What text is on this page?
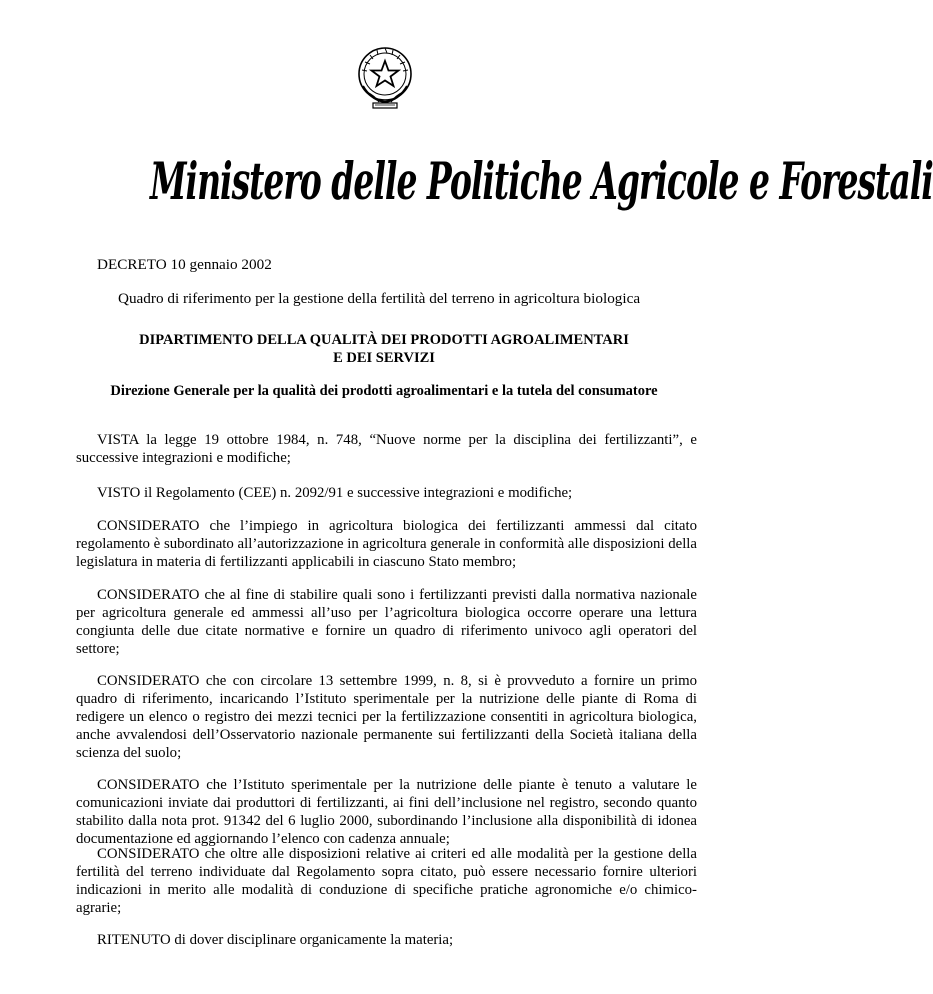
Ministero delle Politiche Agricole e Forestali
DECRETO 10 gennaio 2002
Quadro di riferimento per la gestione della fertilità del terreno in agricoltura biologica
DIPARTIMENTO DELLA QUALITÀ DEI PRODOTTI AGROALIMENTARI
E DEI SERVIZI
Direzione Generale per la qualità dei prodotti agroalimentari e la tutela del consumatore
VISTA la legge 19 ottobre 1984, n. 748, “Nuove norme per la disciplina dei fertilizzanti”, e successive integrazioni e modifiche;
VISTO il Regolamento (CEE) n. 2092/91 e successive integrazioni e modifiche;
CONSIDERATO che l’impiego in agricoltura biologica dei fertilizzanti ammessi dal citato regolamento è subordinato all’autorizzazione in agricoltura generale in conformità alle disposizioni della legislatura in materia di fertilizzanti applicabili in ciascuno Stato membro;
CONSIDERATO che al fine di stabilire quali sono i fertilizzanti previsti dalla normativa nazionale per agricoltura generale ed ammessi all’uso per l’agricoltura biologica occorre operare una lettura congiunta delle due citate normative e fornire un quadro di riferimento univoco agli operatori del settore;
CONSIDERATO che con circolare 13 settembre 1999, n. 8, si è provveduto a fornire un primo quadro di riferimento, incaricando l’Istituto sperimentale per la nutrizione delle piante di Roma di redigere un elenco o registro dei mezzi tecnici per la fertilizzazione consentiti in agricoltura biologica, anche avvalendosi dell’Osservatorio nazionale permanente sui fertilizzanti della Società italiana della scienza del suolo;
CONSIDERATO che l’Istituto sperimentale per la nutrizione delle piante è tenuto a valutare le comunicazioni inviate dai produttori di fertilizzanti, ai fini dell’inclusione nel registro, secondo quanto stabilito dalla nota prot. 91342 del 6 luglio 2000, subordinando l’inclusione alla disponibilità di idonea documentazione ed aggiornando l’elenco con cadenza annuale;
CONSIDERATO che oltre alle disposizioni relative ai criteri ed alle modalità per la gestione della fertilità del terreno individuate dal Regolamento sopra citato, può essere necessario fornire ulteriori indicazioni in merito alle modalità di conduzione di specifiche pratiche agronomiche e/o chimico-agrarie;
RITENUTO di dover disciplinare organicamente la materia;
